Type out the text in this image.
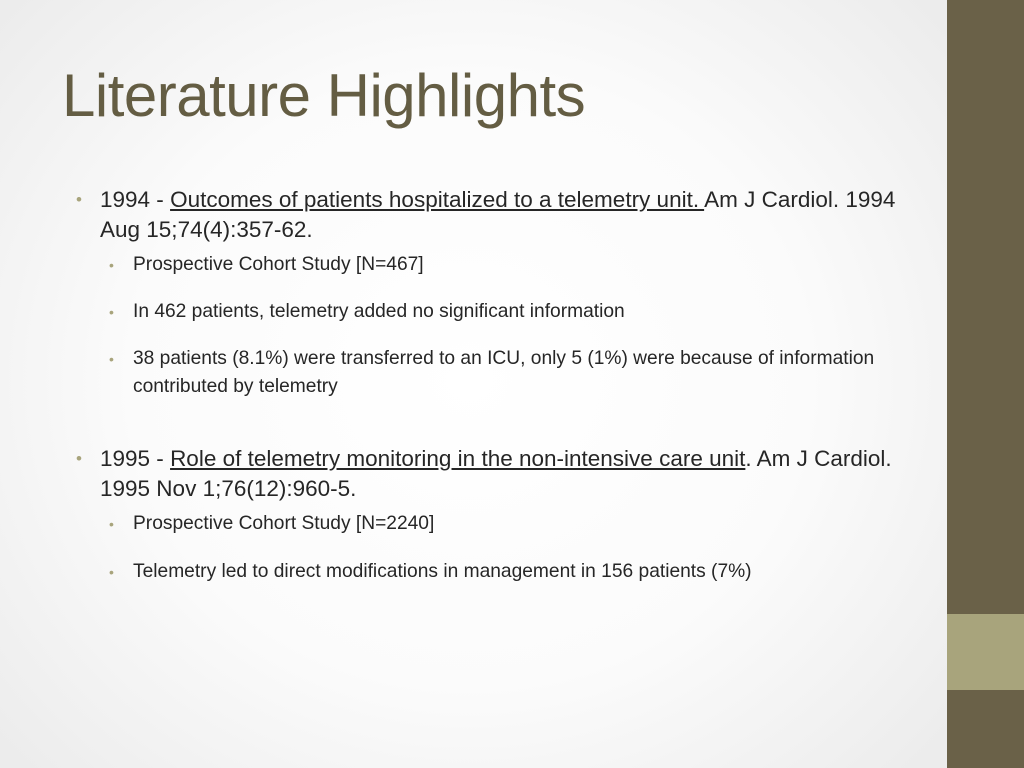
Literature Highlights

• 1994 - Outcomes of patients hospitalized to a telemetry unit. Am J Cardiol. 1994 Aug 15;74(4):357-62.

• Prospective Cohort Study [N=467]

• In 462 patients, telemetry added no significant information

• 38 patients (8.1%) were transferred to an ICU, only 5 (1%) were because of information contributed by telemetry

• 1995 - Role of telemetry monitoring in the non-intensive care unit. Am J Cardiol. 1995 Nov 1;76(12):960-5.

• Prospective Cohort Study [N=2240]

• Telemetry led to direct modifications in management in 156 patients (7%)
